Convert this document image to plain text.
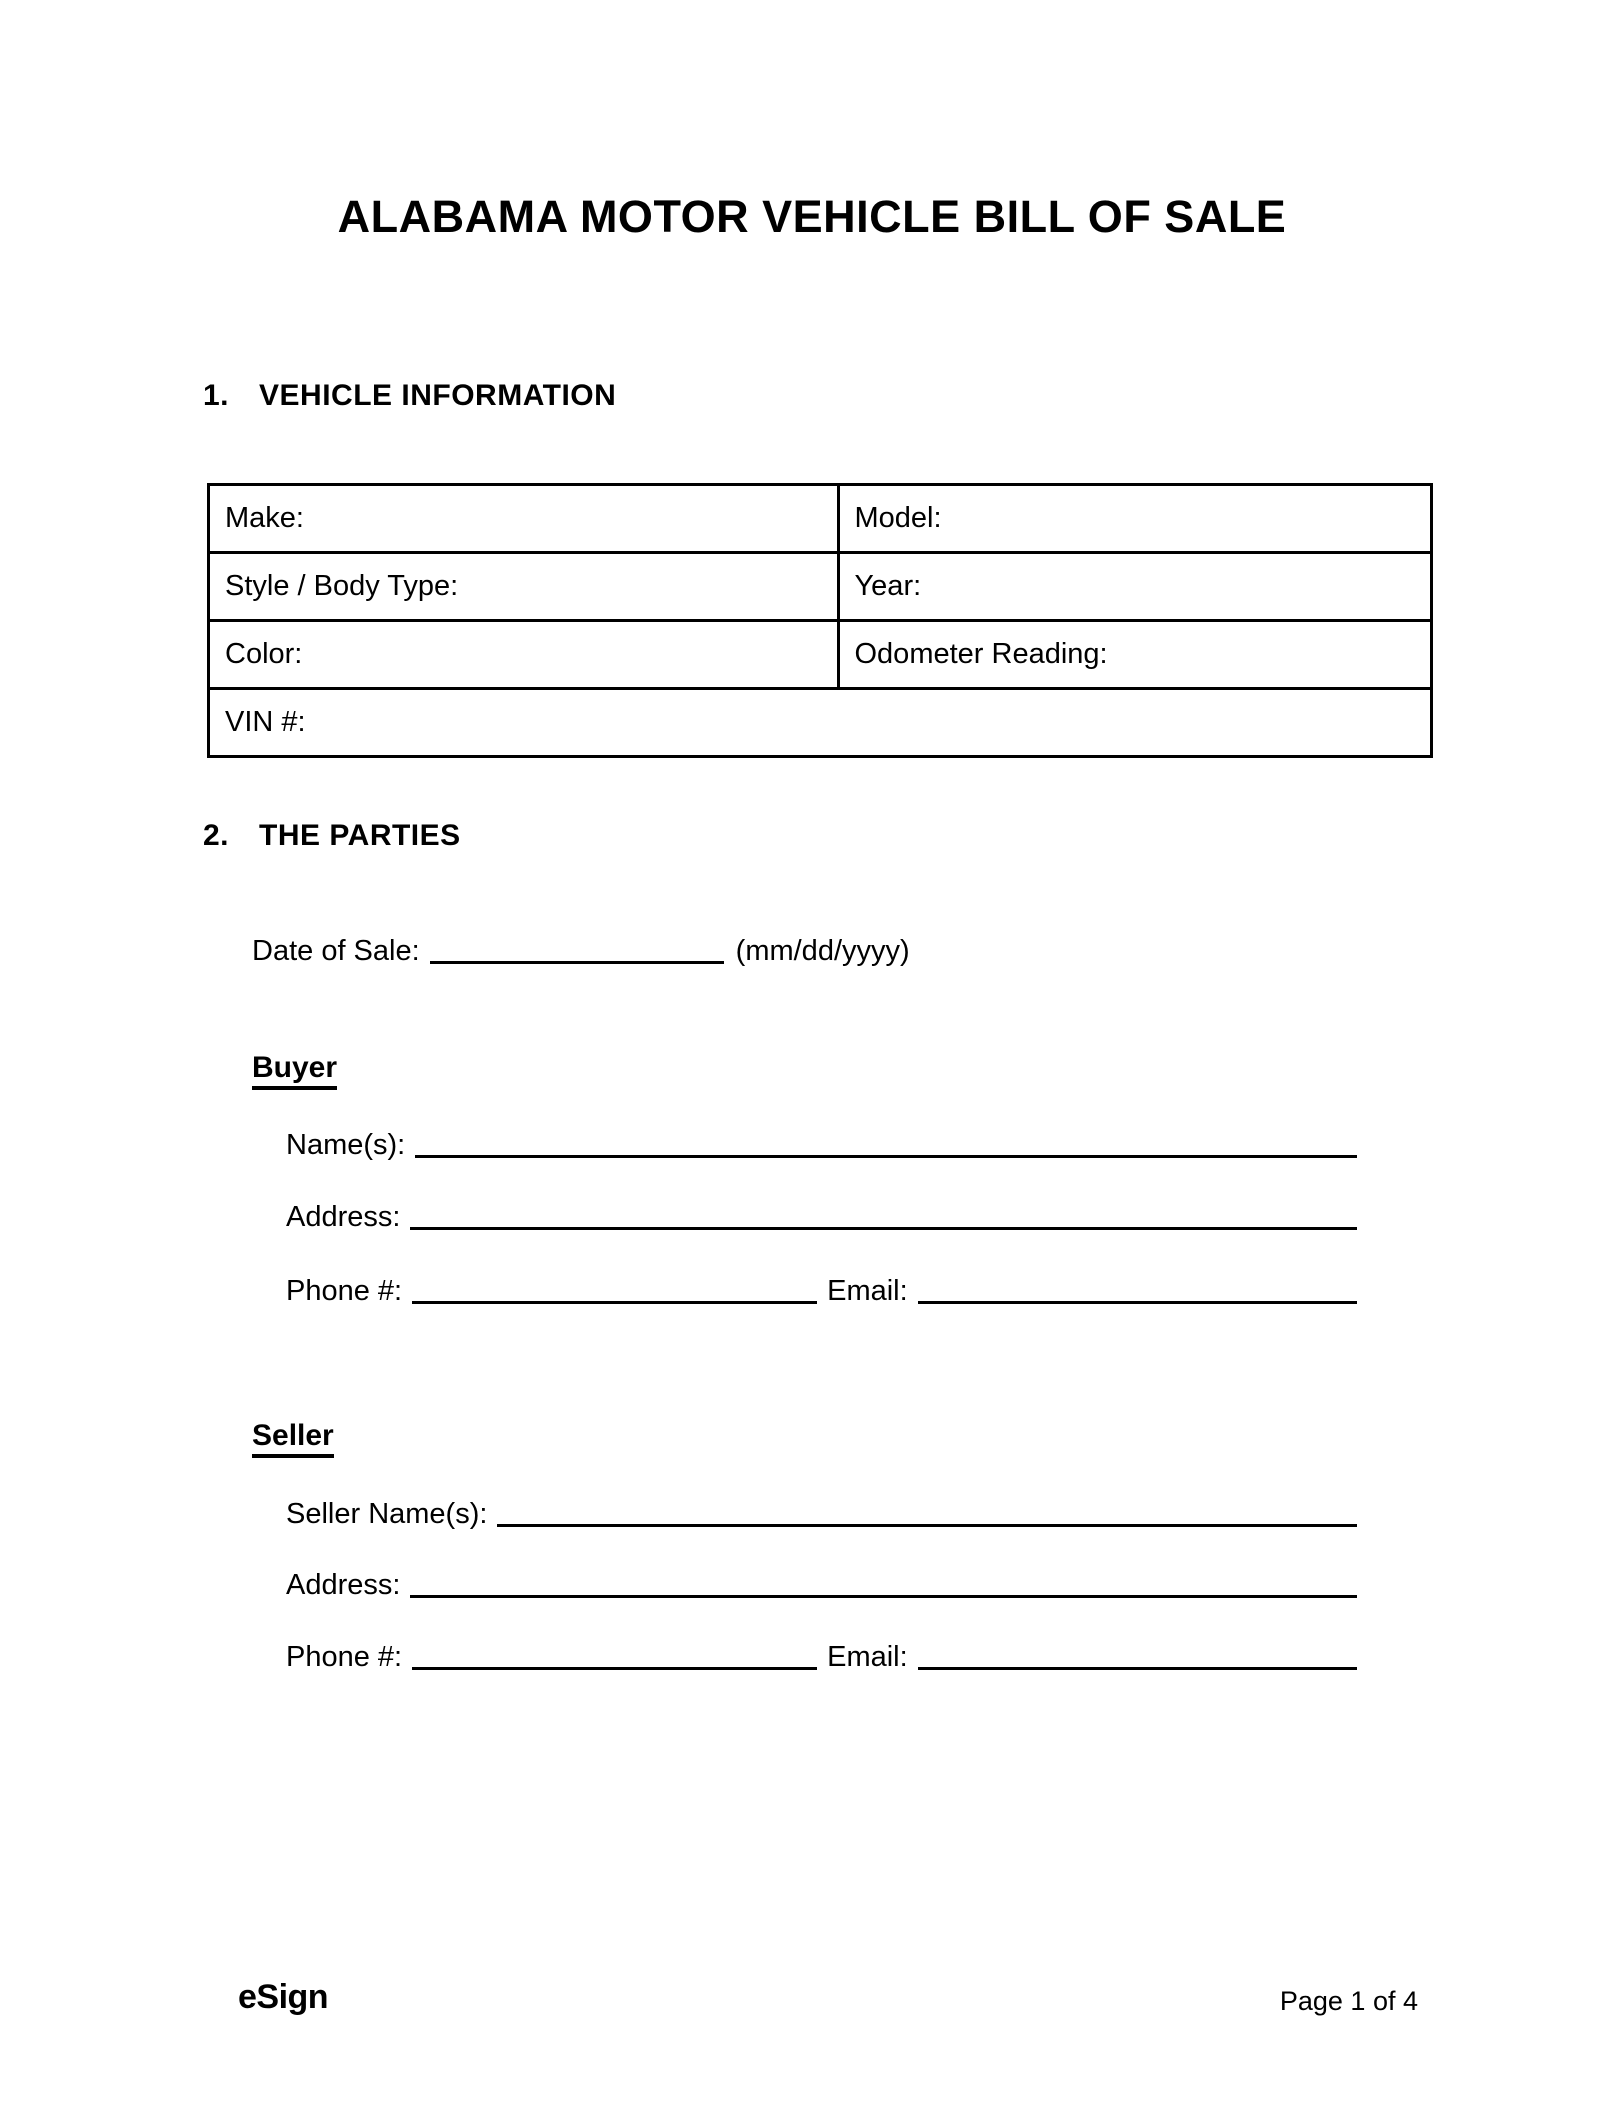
ALABAMA MOTOR VEHICLE BILL OF SALE
1. VEHICLE INFORMATION
Make:	Model:
Style / Body Type:	Year:
Color:	Odometer Reading:
VIN #:	
2. THE PARTIES
Date of Sale:	(mm/dd/yyyy)
Buyer
Name(s):
Address:
Phone #:	Email:
Seller
Seller Name(s):
Address:
Phone #:	Email:
eSign	Page 1 of 4
